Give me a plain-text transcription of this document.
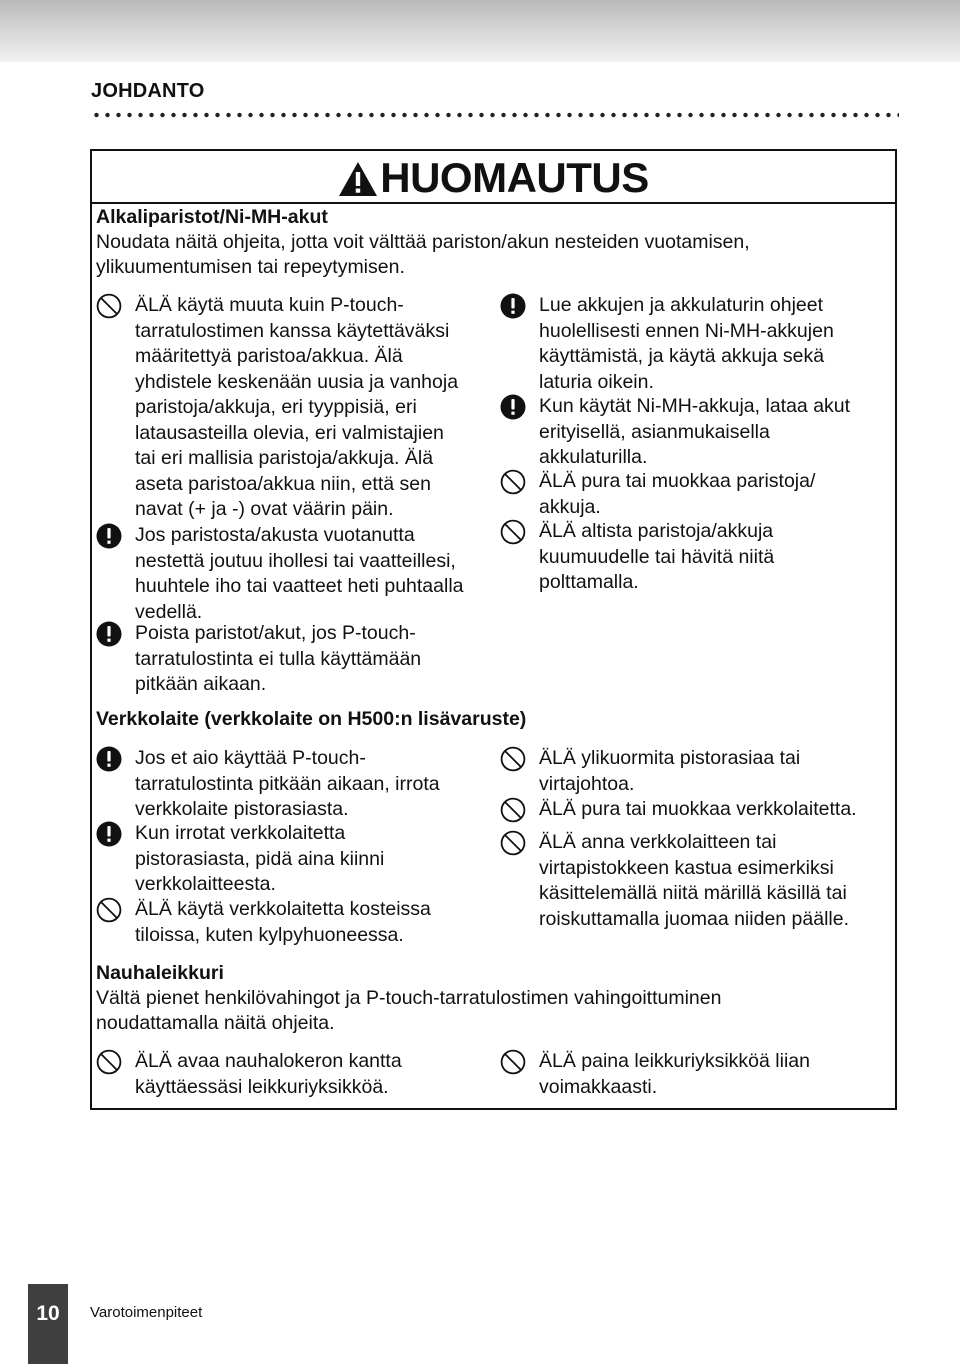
JOHDANTO
HUOMAUTUS
Alkaliparistot/Ni-MH-akut
Noudata näitä ohjeita, jotta voit välttää pariston/akun nesteiden vuotamisen,
ylikuumentumisen tai repeytymisen.
ÄLÄ käytä muuta kuin P-touch-
tarratulostimen kanssa käytettäväksi
määritettyä paristoa/akkua. Älä
yhdistele keskenään uusia ja vanhoja
paristoja/akkuja, eri tyyppisiä, eri
latausasteilla olevia, eri valmistajien
tai eri mallisia paristoja/akkuja. Älä
aseta paristoa/akkua niin, että sen
navat (+ ja -) ovat väärin päin.
Jos paristosta/akusta vuotanutta
nestettä joutuu ihollesi tai vaatteillesi,
huuhtele iho tai vaatteet heti puhtaalla
vedellä.
Poista paristot/akut, jos P-touch-
tarratulostinta ei tulla käyttämään
pitkään aikaan.
Lue akkujen ja akkulaturin ohjeet
huolellisesti ennen Ni-MH-akkujen
käyttämistä, ja käytä akkuja sekä
laturia oikein.
Kun käytät Ni-MH-akkuja, lataa akut
erityisellä, asianmukaisella
akkulaturilla.
ÄLÄ pura tai muokkaa paristoja/
akkuja.
ÄLÄ altista paristoja/akkuja
kuumuudelle tai hävitä niitä
polttamalla.
Verkkolaite (verkkolaite on H500:n lisävaruste)
Jos et aio käyttää P-touch-
tarratulostinta pitkään aikaan, irrota
verkkolaite pistorasiasta.
Kun irrotat verkkolaitetta
pistorasiasta, pidä aina kiinni
verkkolaitteesta.
ÄLÄ käytä verkkolaitetta kosteissa
tiloissa, kuten kylpyhuoneessa.
ÄLÄ ylikuormita pistorasiaa tai
virtajohtoa.
ÄLÄ pura tai muokkaa verkkolaitetta.
ÄLÄ anna verkkolaitteen tai
virtapistokkeen kastua esimerkiksi
käsittelemällä niitä märillä käsillä tai
roiskuttamalla juomaa niiden päälle.
Nauhaleikkuri
Vältä pienet henkilövahingot ja P-touch-tarratulostimen vahingoittuminen
noudattamalla näitä ohjeita.
ÄLÄ avaa nauhalokeron kantta
käyttäessäsi leikkuriyksikköä.
ÄLÄ paina leikkuriyksikköä liian
voimakkaasti.
10	Varotoimenpiteet
